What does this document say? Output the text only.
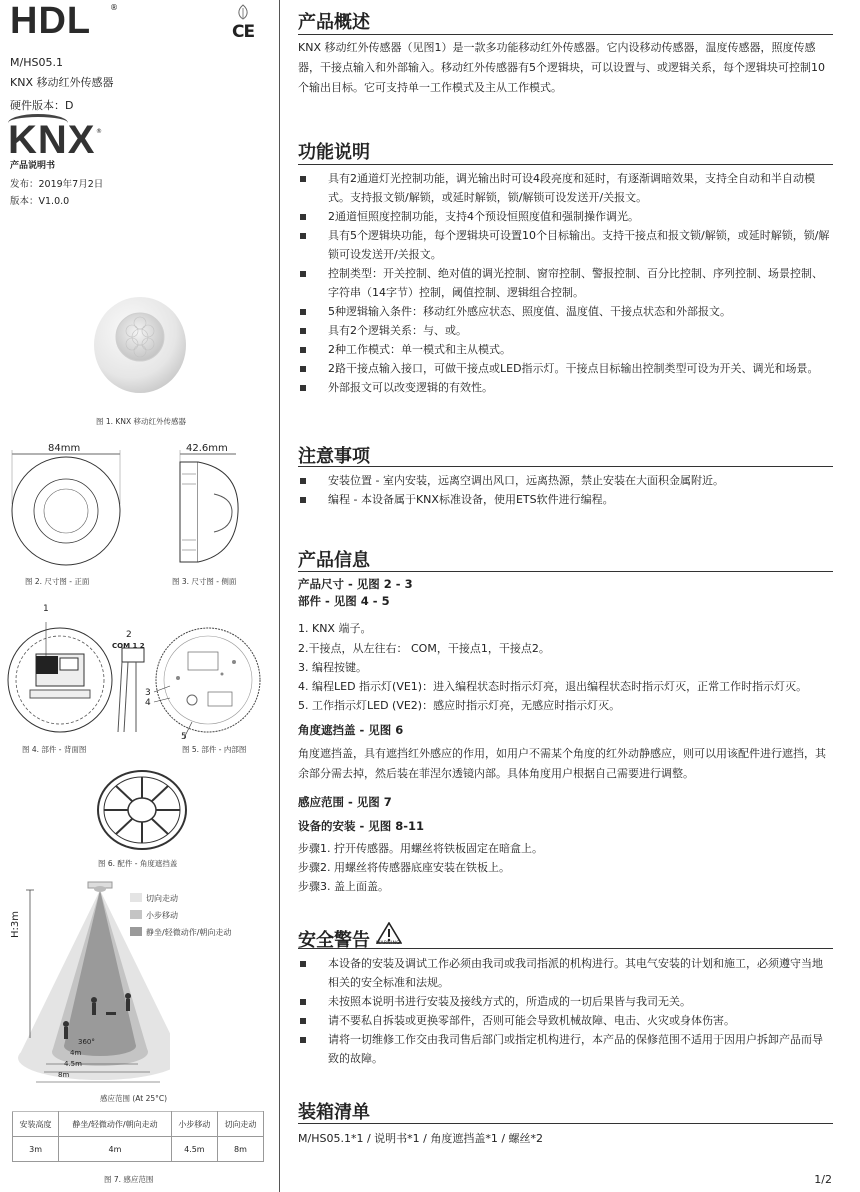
HDL ®
CE
M/HS05.1
KNX 移动红外传感器
硬件版本：D
KNX ®
产品说明书
发布：2019年7月2日
版本：V1.0.0
图 1. KNX 移动红外传感器
84mm
图 2. 尺寸图 - 正面
42.6mm
图 3. 尺寸图 - 侧面
1
2
COM 1 2
图 4. 部件 - 背面图
3
4
5
图 5. 部件 - 内部图
图 6. 配件 - 角度遮挡盖
H:3m
360°
4m
4.5m
8m
切向走动
小步移动
静坐/轻微动作/朝向走动
感应范围 (At 25°C)
安装高度	静坐/轻微动作/朝向走动	小步移动	切向走动
3m	4m	4.5m	8m
图 7. 感应范围
产品概述
KNX 移动红外传感器（见图1）是一款多功能移动红外传感器。它内设移动传感器，温度传感器，照度传感器，干接点输入和外部输入。移动红外传感器有5个逻辑块，可以设置与、或逻辑关系，每个逻辑块可控制10个输出目标。它可支持单一工作模式及主从工作模式。
功能说明
具有2通道灯光控制功能，调光输出时可设4段亮度和延时，有逐渐调暗效果，支持全自动和半自动模式。支持报文锁/解锁，或延时解锁，锁/解锁可设发送开/关报文。
2通道恒照度控制功能，支持4个预设恒照度值和强制操作调光。
具有5个逻辑块功能，每个逻辑块可设置10个目标输出。支持干接点和报文锁/解锁，或延时解锁，锁/解锁可设发送开/关报文。
控制类型：开关控制、绝对值的调光控制、窗帘控制、警报控制、百分比控制、序列控制、场景控制、字符串（14字节）控制，阈值控制、逻辑组合控制。
5种逻辑输入条件：移动红外感应状态、照度值、温度值、干接点状态和外部报文。
具有2个逻辑关系：与、或。
2种工作模式：单一模式和主从模式。
2路干接点输入接口，可做干接点或LED指示灯。干接点目标输出控制类型可设为开关、调光和场景。
外部报文可以改变逻辑的有效性。
注意事项
安装位置 - 室内安装，远离空调出风口，远离热源，禁止安装在大面积金属附近。
编程 - 本设备属于KNX标准设备，使用ETS软件进行编程。
产品信息
产品尺寸 - 见图 2 - 3
部件 - 见图 4 - 5
1. KNX 端子。
2.干接点，从左往右： COM，干接点1，干接点2。
3. 编程按键。
4. 编程LED 指示灯(VE1)：进入编程状态时指示灯亮，退出编程状态时指示灯灭，正常工作时指示灯灭。
5. 工作指示灯LED (VE2)：感应时指示灯亮，无感应时指示灯灭。
角度遮挡盖 - 见图 6
角度遮挡盖，具有遮挡红外感应的作用，如用户不需某个角度的红外动静感应，则可以用该配件进行遮挡，其余部分需去掉，然后装在菲涅尔透镜内部。具体角度用户根据自己需要进行调整。
感应范围 - 见图 7
设备的安装 - 见图 8-11
步骤1. 拧开传感器。用螺丝将铁板固定在暗盒上。
步骤2. 用螺丝将传感器底座安装在铁板上。
步骤3. 盖上面盖。
安全警告 WARNING
本设备的安装及调试工作必须由我司或我司指派的机构进行。其电气安装的计划和施工，必须遵守当地相关的安全标准和法规。
未按照本说明书进行安装及接线方式的，所造成的一切后果皆与我司无关。
请不要私自拆装或更换零部件，否则可能会导致机械故障、电击、火灾或身体伤害。
请将一切维修工作交由我司售后部门或指定机构进行，本产品的保修范围不适用于因用户拆卸产品而导致的故障。
装箱清单
M/HS05.1*1 / 说明书*1 / 角度遮挡盖*1 / 螺丝*2
1/2
